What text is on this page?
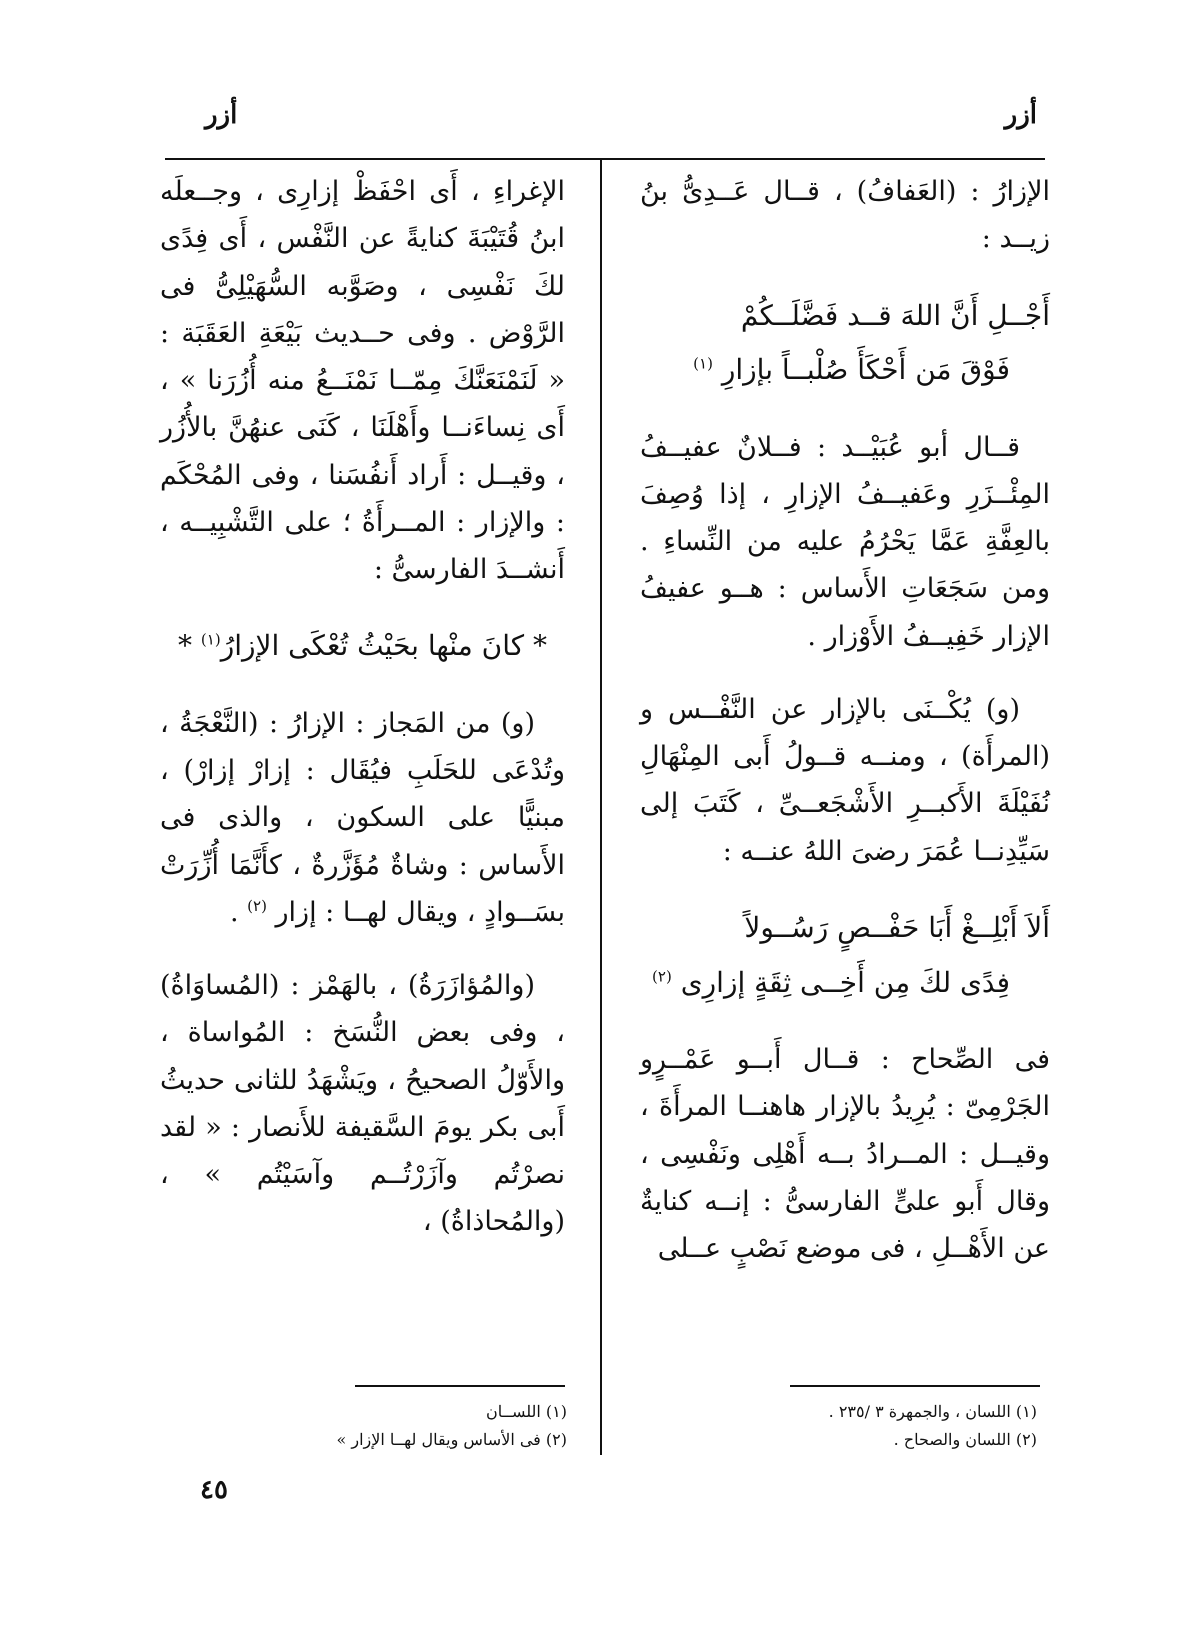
أزر
أزر

الإزارُ : (العَفافُ) ، قــال عَــدِىُّ بنُ زيــد :

أَجْــلِ أَنَّ اللهَ قــد فَضَّلَــكُمْ
فَوْقَ مَن أَحْكَأَ صُلْبــاً بإزارِ $^{(١)}$

قــال أبو عُبَيْــد : فــلانٌ عفيــفُ المِئْــزَرِ وعَفيــفُ الإزارِ ، إذا وُصِفَ بالعِفَّةِ عَمَّا يَحْرُمُ عليه من النِّساءِ . ومن سَجَعَاتِ الأَساس : هــو عفيفُ الإزار خَفِيــفُ الأَوْزار .

(و) يُكْــنَى بالإزار عن النَّفْــس و (المرأَة) ، ومنــه قــولُ أَبى المِنْهَالِ نُفَيْلَةَ الأَكبــرِ الأَشْجَعــىِّ ، كَتَبَ إلى سَيِّدِنــا عُمَرَ رضىَ اللهُ عنــه :

أَلاَ أَبْلِــغْ أَبَا حَفْــصٍ رَسُــولاً
فِدًى لكَ مِن أَخِــى ثِقَةٍ إزارِى $^{(٢)}$

فى الصِّحاح : قــال أَبــو عَمْــرٍو الجَرْمِىّ : يُرِيدُ بالإزار هاهنــا المرأَةَ ، وقيــل : المــرادُ بــه أَهْلِى ونَفْسِى ، وقال أَبو علىٍّ الفارسىُّ : إنــه كنايةٌ عن الأَهْــلِ ، فى موضع نَصْبٍ عــلى

الإغراءِ ، أَى احْفَظْ إزارِى ، وجــعلَه ابنُ قُتَيْبَةَ كنايةً عن النَّفْس ، أَى فِدًى لكَ نَفْسِى ، وصَوَّبه السُّهَيْلِىُّ فى الرَّوْض . وفى حــديث بَيْعَةِ العَقَبَة : « لَنَمْنَعَنَّكَ مِمّــا نَمْنَــعُ منه أُزُرَنا » ، أَى نِساءَنــا وأَهْلَنَا ، كَنَى عنهُنَّ بالأُزُر ، وقيــل : أَراد أَنفُسَنا ، وفى المُحْكَم : والإزار : المــرأَةُ ؛ على التَّشْبِيــه ، أَنشــدَ الفارسىُّ :

* كانَ منْها بحَيْثُ تُعْكَى الإزارُ$^{(١)}$ *

(و) من المَجاز : الإزارُ : (النَّعْجَةُ ، وتُدْعَى للحَلَبِ فيُقَال : إزارْ إزارْ) ، مبنيًّا على السكون ، والذى فى الأَساس : وشاةٌ مُؤَزَّرةٌ ، كأَنَّمَا أُزِّرَتْ بسَــوادٍ ، ويقال لهــا : إزار $^{(٢)}$ .

(والمُؤازَرَةُ) ، بالهَمْز : (المُساوَاةُ) ، وفى بعض النُّسَخ : المُواساة ، والأَوّلُ الصحيحُ ، ويَشْهَدُ للثانى حديثُ أَبى بكر يومَ السَّقيفة للأَنصار : « لقد نصرْتُم وآزَرْتُــم وآسَيْتُم » ، (والمُحاذاةُ) ،

(١) اللسان ، والجمهرة ٣ /٢٣٥ .
(٢) اللسان والصحاح .
(١) اللســان
(٢) فى الأساس ويقال لهــا الإزار »
٤٥
